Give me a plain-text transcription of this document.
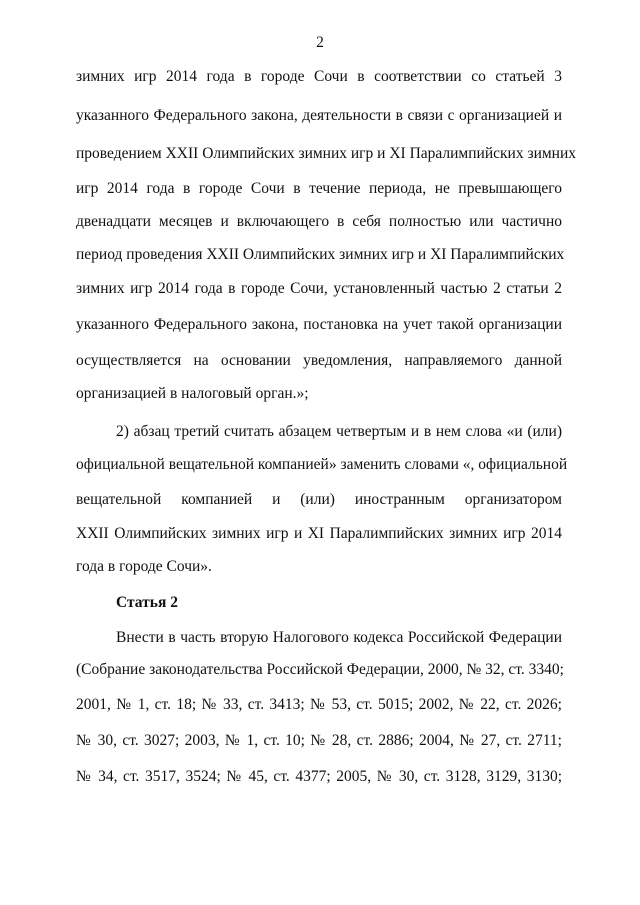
2
зимних игр 2014 года в городе Сочи в соответствии со статьей 3
указанного Федерального закона, деятельности в связи с организацией и
проведением XXII Олимпийских зимних игр и XI Паралимпийских зимних
игр 2014 года в городе Сочи в течение периода, не превышающего
двенадцати месяцев и включающего в себя полностью или частично
период проведения XXII Олимпийских зимних игр и XI Паралимпийских
зимних игр 2014 года в городе Сочи, установленный частью 2 статьи 2
указанного Федерального закона, постановка на учет такой организации
осуществляется на основании уведомления, направляемого данной
организацией в налоговый орган.»;
2) абзац третий считать абзацем четвертым и в нем слова «и (или)
официальной вещательной компанией» заменить словами «, официальной
вещательной компанией и (или) иностранным организатором
XXII Олимпийских зимних игр и XI Паралимпийских зимних игр 2014
года в городе Сочи».
Статья 2
Внести в часть вторую Налогового кодекса Российской Федерации
(Собрание законодательства Российской Федерации, 2000, № 32, ст. 3340;
2001, № 1, ст. 18; № 33, ст. 3413; № 53, ст. 5015; 2002, № 22, ст. 2026;
№ 30, ст. 3027; 2003, № 1, ст. 10; № 28, ст. 2886; 2004, № 27, ст. 2711;
№ 34, ст. 3517, 3524; № 45, ст. 4377; 2005, № 30, ст. 3128, 3129, 3130;
